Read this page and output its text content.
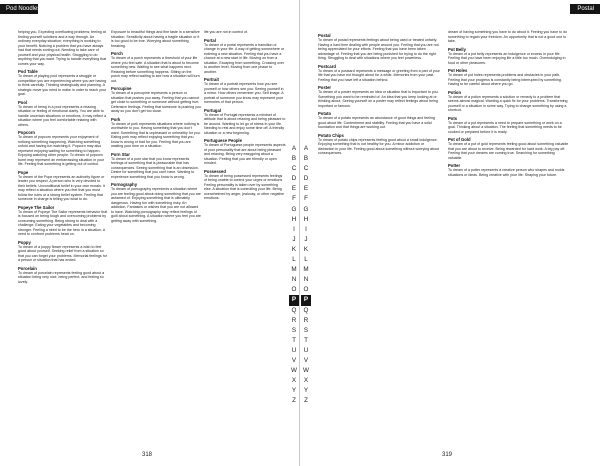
Pod Noodles

helping you. Expecting overflowing problems; feeling at finding yourself solutions and a way through. An ordinary everyday situation; everything is working to your benefit. Noticing a problem that you have always had that needs sorting out. Needing to take care of yourself and your physical health. Struggling to do anything that you want. Trying to handle everything that comes your way.

Pod Table

To dream of playing pool represents a struggle or competition you are experiencing where you are having to think carefully. Thinking strategically and planning. A strategic move you need to make in order to reach your goal.

Pool

To dream of being in a pool represents a relaxing situation or feeling of emotional clarity. You are able to handle uncertain situations or emotions. It may reflect a situation where you feel comfortable relaxing with others.

Popcorn

To dream of popcorn represents your enjoyment of noticing something happening. Watching something unfold and having fun watching it. Popcorn may also represent enjoying waiting for something to happen. Enjoying watching other people. To dream of popcorn burnt may represent an embarrassing situation in your life. Feeling that something is getting out of control.

Pope

To dream of the Pope represents an authority figure or leader you respect. A person who is very devoted to their beliefs. Unconditional belief in your own morals. It may reflect a situation where you feel that you must follow the rules or a strong belief system. Feeling that someone in charge is telling you what to do.

Popeye The Sailor

To dream of Popeye The Sailor represents behavior that is focused on being tough and overcoming problems by consuming something. Being strong to deal with a challenge. Eating your vegetables and becoming stronger. Feeling a need to be the hero in a situation. A need to confront problems head on.

Poppy

To dream of a poppy flower represents a wish to feel good about yourself. Seeking relief from a situation so that you can forget your problems. Memorial feelings for a person or situation that has ended.

Porcelain

To dream of porcelain represents feeling good about a situation being very nice, being perfect, and feeling so lovely.

Exposure to beautiful things and fine taste in a sensitive situation. Sensitivity about having a fragile situation or it is too good to be true. Worrying about something breaking.

Porch

To dream of a porch represents a threshold of your life where you feel safe. A situation that is about to become something new. Waiting to see what happens next. Relaxing before something happens. Sitting on the porch may reflect waiting to see how a situation will turn out.

Porcupine

To dream of a porcupine represents a person or situation that pushes you away. Feeling that you cannot get close to something or someone without getting hurt. Defensive feelings. Feeling that someone is pushing you away so you don't get too close.

Pork

To dream of pork represents situations where nothing is worthwhile to you. Having something that you don't want. Something that is unpleasant or unhealthy for you. Eating pork may reflect enjoying something that you know is wrong or bad for you. Feeling that you are wasting your time on a situation.

Porn Star

To dream of a porn star that you know represents feelings of something that is pleasurable that has consequences. Seeing something that is an obsession. Desire for something that you can't have. Wanting to experience something that you know is wrong.

Pornography

To dream of pornography represents a situation where you are feeling good about doing something that you are ashamed of. Enjoying something that is ultimately dangerous. Having fun with something risky. An addiction. Fantasies or wishes that you are not allowed to have. Watching pornography may reflect feelings of guilt about something. A situation where you feel you are getting away with something.

life you are not in control of.

Portal

To dream of a portal represents a transition or change in your life. A way of getting somewhere or entering a new situation. Feeling that you have a chance at a new start in life. Moving on from a situation. Escaping from something. Crossing over to another level. Moving from one phase to another.

Portrait

To dream of a portrait represents how you see yourself or how others see you. Seeing yourself in a mirror. How others remember you. Self image. A portrait of someone you know may represent your memories of that person.

Portugal

To dream of Portugal represents a mindset of attitude that is about relaxing and being pleasant to be around. Wanting to let go of stress in your life. Needing to rest and enjoy some time off. A friendly situation or a new beginning.

Portuguese People

To dream of Portuguese people represents aspects of your personality that are about being pleasant and relaxing. Being very easygoing about a situation. Feeling that you are friendly or open minded.

Possessed

To dream of being possessed represents feelings of being unable to control your urges or emotions. Feeling personality is taken over by something else. A situation that is controlling your life. Being overwhelmed by anger, jealousy, or other negative emotions.

A
B
C
D
E
F
G
H
I
J
K
L
M
N
O
P
Q
R
S
T
U
V
W
X
Y
Z
318
Postal
A
B
C
D
E
F
G
H
I
J
K
L
M
N
O
P
Q
R
S
T
U
V
W
X
Y
Z
Postal

To dream of postal represents feelings about being used or treated unfairly. Having a hard time dealing with people around you. Feeling that you are not being appreciated for your efforts. Feeling that you have been taken advantage of. Feeling that you are being punished for trying to do the right thing. Struggling to deal with situations where you feel powerless.

Postcard

To dream of a postcard represents a message or greeting from a part of your life that you have not thought about for a while. Memories from your past. Feeling that you have left a situation behind.

Poster

To dream of a poster represents an idea or situation that is important to you. Something you want to be reminded of. An idea that you keep looking at or thinking about. Seeing yourself on a poster may reflect feelings about being important or famous.

Potato

To dream of a potato represents an abundance of good things and feeling good about life. Contentment and stability. Feeling that you have a solid foundation and that things are working out.

Potato Chips

To dream of potato chips represents feeling good about a small indulgence. Enjoying something that is not healthy for you. A minor addiction or distraction in your life. Feeling good about something without worrying about consequences.

dream of having something you have to do about it. Feeling you have to do something to regain your freedom. An opportunity that is not a good one to take.

Pot Belly

To dream of a pot belly represents an indulgence or excess in your life. Feeling that you have been enjoying life a little too much. Overindulging in food or other pleasures.

Pot Holes

To dream of pot holes represents problems and obstacles in your path. Feeling that your progress is constantly being interrupted by something. Having to be careful about where you go.

Potion

To dream of a potion represents a solution or remedy to a problem that seems almost magical. Wanting a quick fix for your problems. Transforming yourself or a situation in some way. Trying to change something by using a shortcut.

Pots

To dream of a pot represents a need to prepare something or work on a goal. Thinking about a situation. The feeling that something needs to be cooked or prepared before it is ready.

Pot of Gold

To dream of a pot of gold represents feeling good about something valuable that you are about to receive. Being rewarded for hard work. A big pay off. Feeling that your dreams are coming true. Searching for something valuable.

Potter

To dream of a potter represents a creative person who shapes and molds situations or ideas. Being creative with your life. Shaping your future.

319
